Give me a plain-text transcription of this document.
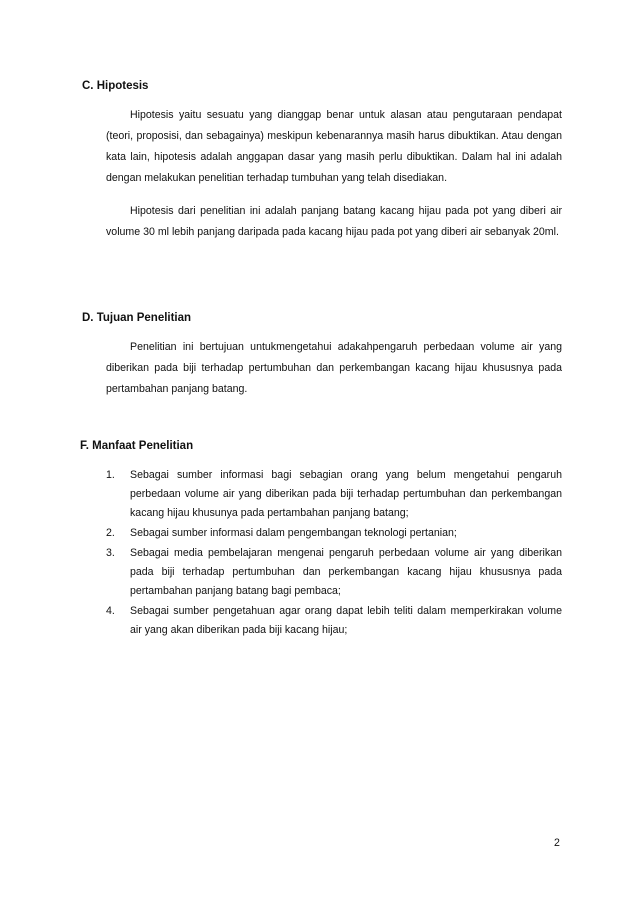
C. Hipotesis

Hipotesis yaitu sesuatu yang dianggap benar untuk alasan atau pengutaraan pendapat (teori, proposisi, dan sebagainya) meskipun kebenarannya masih harus dibuktikan. Atau dengan kata lain, hipotesis adalah anggapan dasar yang masih perlu dibuktikan. Dalam hal ini adalah dengan melakukan penelitian terhadap tumbuhan yang telah disediakan.

Hipotesis dari penelitian ini adalah panjang batang kacang hijau pada pot yang diberi air volume 30 ml lebih panjang daripada pada kacang hijau pada pot yang diberi air sebanyak 20ml.

D. Tujuan Penelitian

Penelitian ini bertujuan untukmengetahui adakahpengaruh perbedaan volume air yang diberikan pada biji terhadap pertumbuhan dan perkembangan kacang hijau khususnya pada pertambahan panjang batang.

F. Manfaat Penelitian
1. Sebagai sumber informasi bagi sebagian orang yang belum mengetahui pengaruh perbedaan volume air yang diberikan pada biji terhadap pertumbuhan dan perkembangan kacang hijau khusunya pada pertambahan panjang batang;
2. Sebagai sumber informasi dalam pengembangan teknologi pertanian;
3. Sebagai media pembelajaran mengenai pengaruh perbedaan volume air yang diberikan pada biji terhadap pertumbuhan dan perkembangan kacang hijau khususnya pada pertambahan panjang batang bagi pembaca;
4. Sebagai sumber pengetahuan agar orang dapat lebih teliti dalam memperkirakan volume air yang akan diberikan pada biji kacang hijau;
2
